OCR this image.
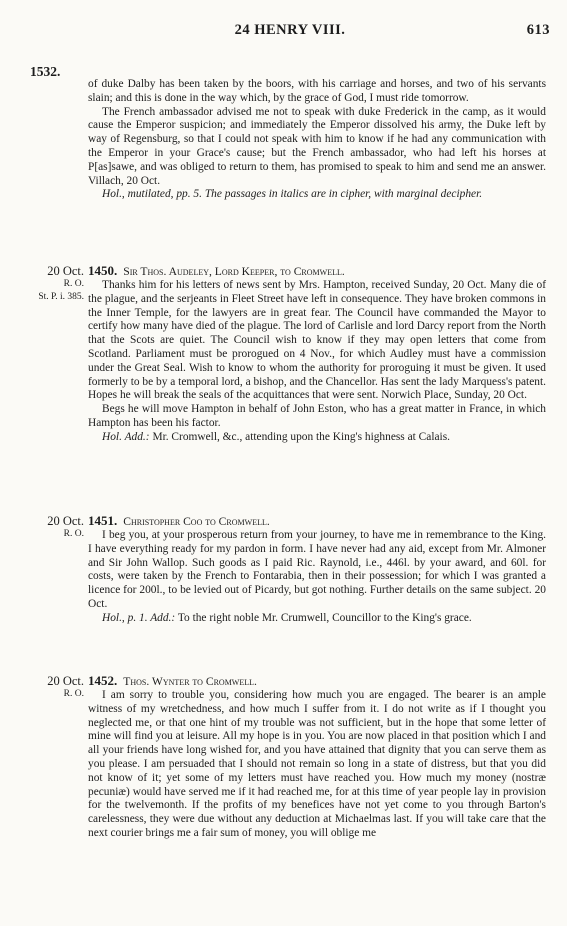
24 HENRY VIII.	613
1532.

of duke Dalby has been taken by the boors, with his carriage and horses, and two of his servants slain; and this is done in the way which, by the grace of God, I must ride tomorrow.

The French ambassador advised me not to speak with duke Frederick in the camp, as it would cause the Emperor suspicion; and immediately the Emperor dissolved his army, the Duke left by way of Regensburg, so that I could not speak with him to know if he had any communication with the Emperor in your Grace's cause; but the French ambassador, who had left his horses at P[as]sawe, and was obliged to return to them, has promised to speak to him and send me an answer. Villach, 20 Oct.

Hol., mutilated, pp. 5. The passages in italics are in cipher, with marginal decipher.

20 Oct.
R. O.
St. P. i. 385.

1450. Sir Thos. Audeley, Lord Keeper, to Cromwell.

Thanks him for his letters of news sent by Mrs. Hampton, received Sunday, 20 Oct. Many die of the plague, and the serjeants in Fleet Street have left in consequence. They have broken commons in the Inner Temple, for the lawyers are in great fear. The Council have commanded the Mayor to certify how many have died of the plague. The lord of Carlisle and lord Darcy report from the North that the Scots are quiet. The Council wish to know if they may open letters that come from Scotland. Parliament must be prorogued on 4 Nov., for which Audley must have a commission under the Great Seal. Wish to know to whom the authority for proroguing it must be given. It used formerly to be by a temporal lord, a bishop, and the Chancellor. Has sent the lady Marquess's patent. Hopes he will break the seals of the acquittances that were sent. Norwich Place, Sunday, 20 Oct.

Begs he will move Hampton in behalf of John Eston, who has a great matter in France, in which Hampton has been his factor.

Hol. Add.: Mr. Cromwell, &c., attending upon the King's highness at Calais.

20 Oct.
R. O.

1451. Christopher Coo to Cromwell.

I beg you, at your prosperous return from your journey, to have me in remembrance to the King. I have everything ready for my pardon in form. I have never had any aid, except from Mr. Almoner and Sir John Wallop. Such goods as I paid Ric. Raynold, i.e., 446l. by your award, and 60l. for costs, were taken by the French to Fontarabia, then in their possession; for which I was granted a licence for 200l., to be levied out of Picardy, but got nothing. Further details on the same subject. 20 Oct.

Hol., p. 1. Add.: To the right noble Mr. Crumwell, Councillor to the King's grace.

20 Oct.
R. O.

1452. Thos. Wynter to Cromwell.

I am sorry to trouble you, considering how much you are engaged. The bearer is an ample witness of my wretchedness, and how much I suffer from it. I do not write as if I thought you neglected me, or that one hint of my trouble was not sufficient, but in the hope that some letter of mine will find you at leisure. All my hope is in you. You are now placed in that position which I and all your friends have long wished for, and you have attained that dignity that you can serve them as you please. I am persuaded that I should not remain so long in a state of distress, but that you did not know of it; yet some of my letters must have reached you. How much my money (nostræ pecuniæ) would have served me if it had reached me, for at this time of year people lay in provision for the twelvemonth. If the profits of my benefices have not yet come to you through Barton's carelessness, they were due without any deduction at Michaelmas last. If you will take care that the next courier brings me a fair sum of money, you will oblige me
